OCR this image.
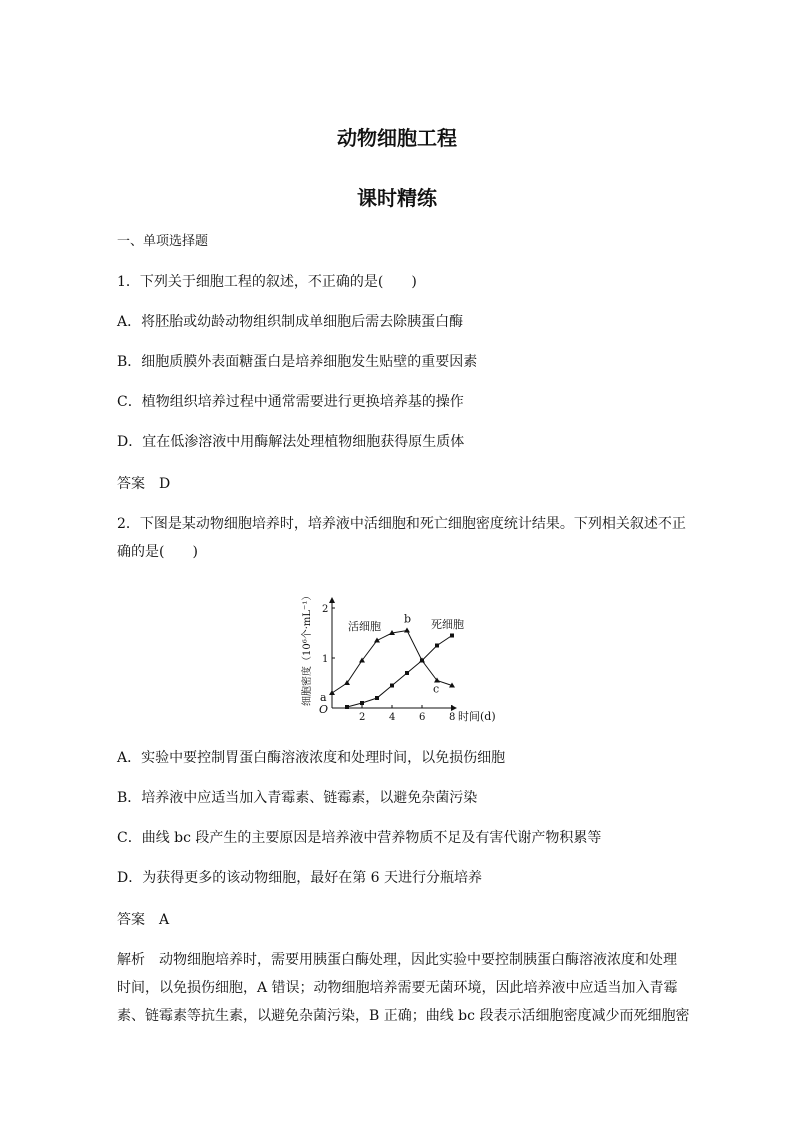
动物细胞工程
课时精练
一、单项选择题
1．下列关于细胞工程的叙述，不正确的是(　　)
A．将胚胎或幼龄动物组织制成单细胞后需去除胰蛋白酶
B．细胞质膜外表面糖蛋白是培养细胞发生贴壁的重要因素
C．植物组织培养过程中通常需要进行更换培养基的操作
D．宜在低渗溶液中用酶解法处理植物细胞获得原生质体
答案　D
2．下图是某动物细胞培养时，培养液中活细胞和死亡细胞密度统计结果。下列相关叙述不正
确的是(　　)
O
2 4 6 8
1
2
时间(d)
细胞密度（10⁶个·mL⁻¹）	活细胞	死细胞
a
b
c
A．实验中要控制胃蛋白酶溶液浓度和处理时间，以免损伤细胞
B．培养液中应适当加入青霉素、链霉素，以避免杂菌污染
C．曲线 bc 段产生的主要原因是培养液中营养物质不足及有害代谢产物积累等
D．为获得更多的该动物细胞，最好在第 6 天进行分瓶培养
答案　A
解析　动物细胞培养时，需要用胰蛋白酶处理，因此实验中要控制胰蛋白酶溶液浓度和处理
时间，以免损伤细胞，A 错误；动物细胞培养需要无菌环境，因此培养液中应适当加入青霉
素、链霉素等抗生素，以避免杂菌污染，B 正确；曲线 bc 段表示活细胞密度减少而死细胞密
